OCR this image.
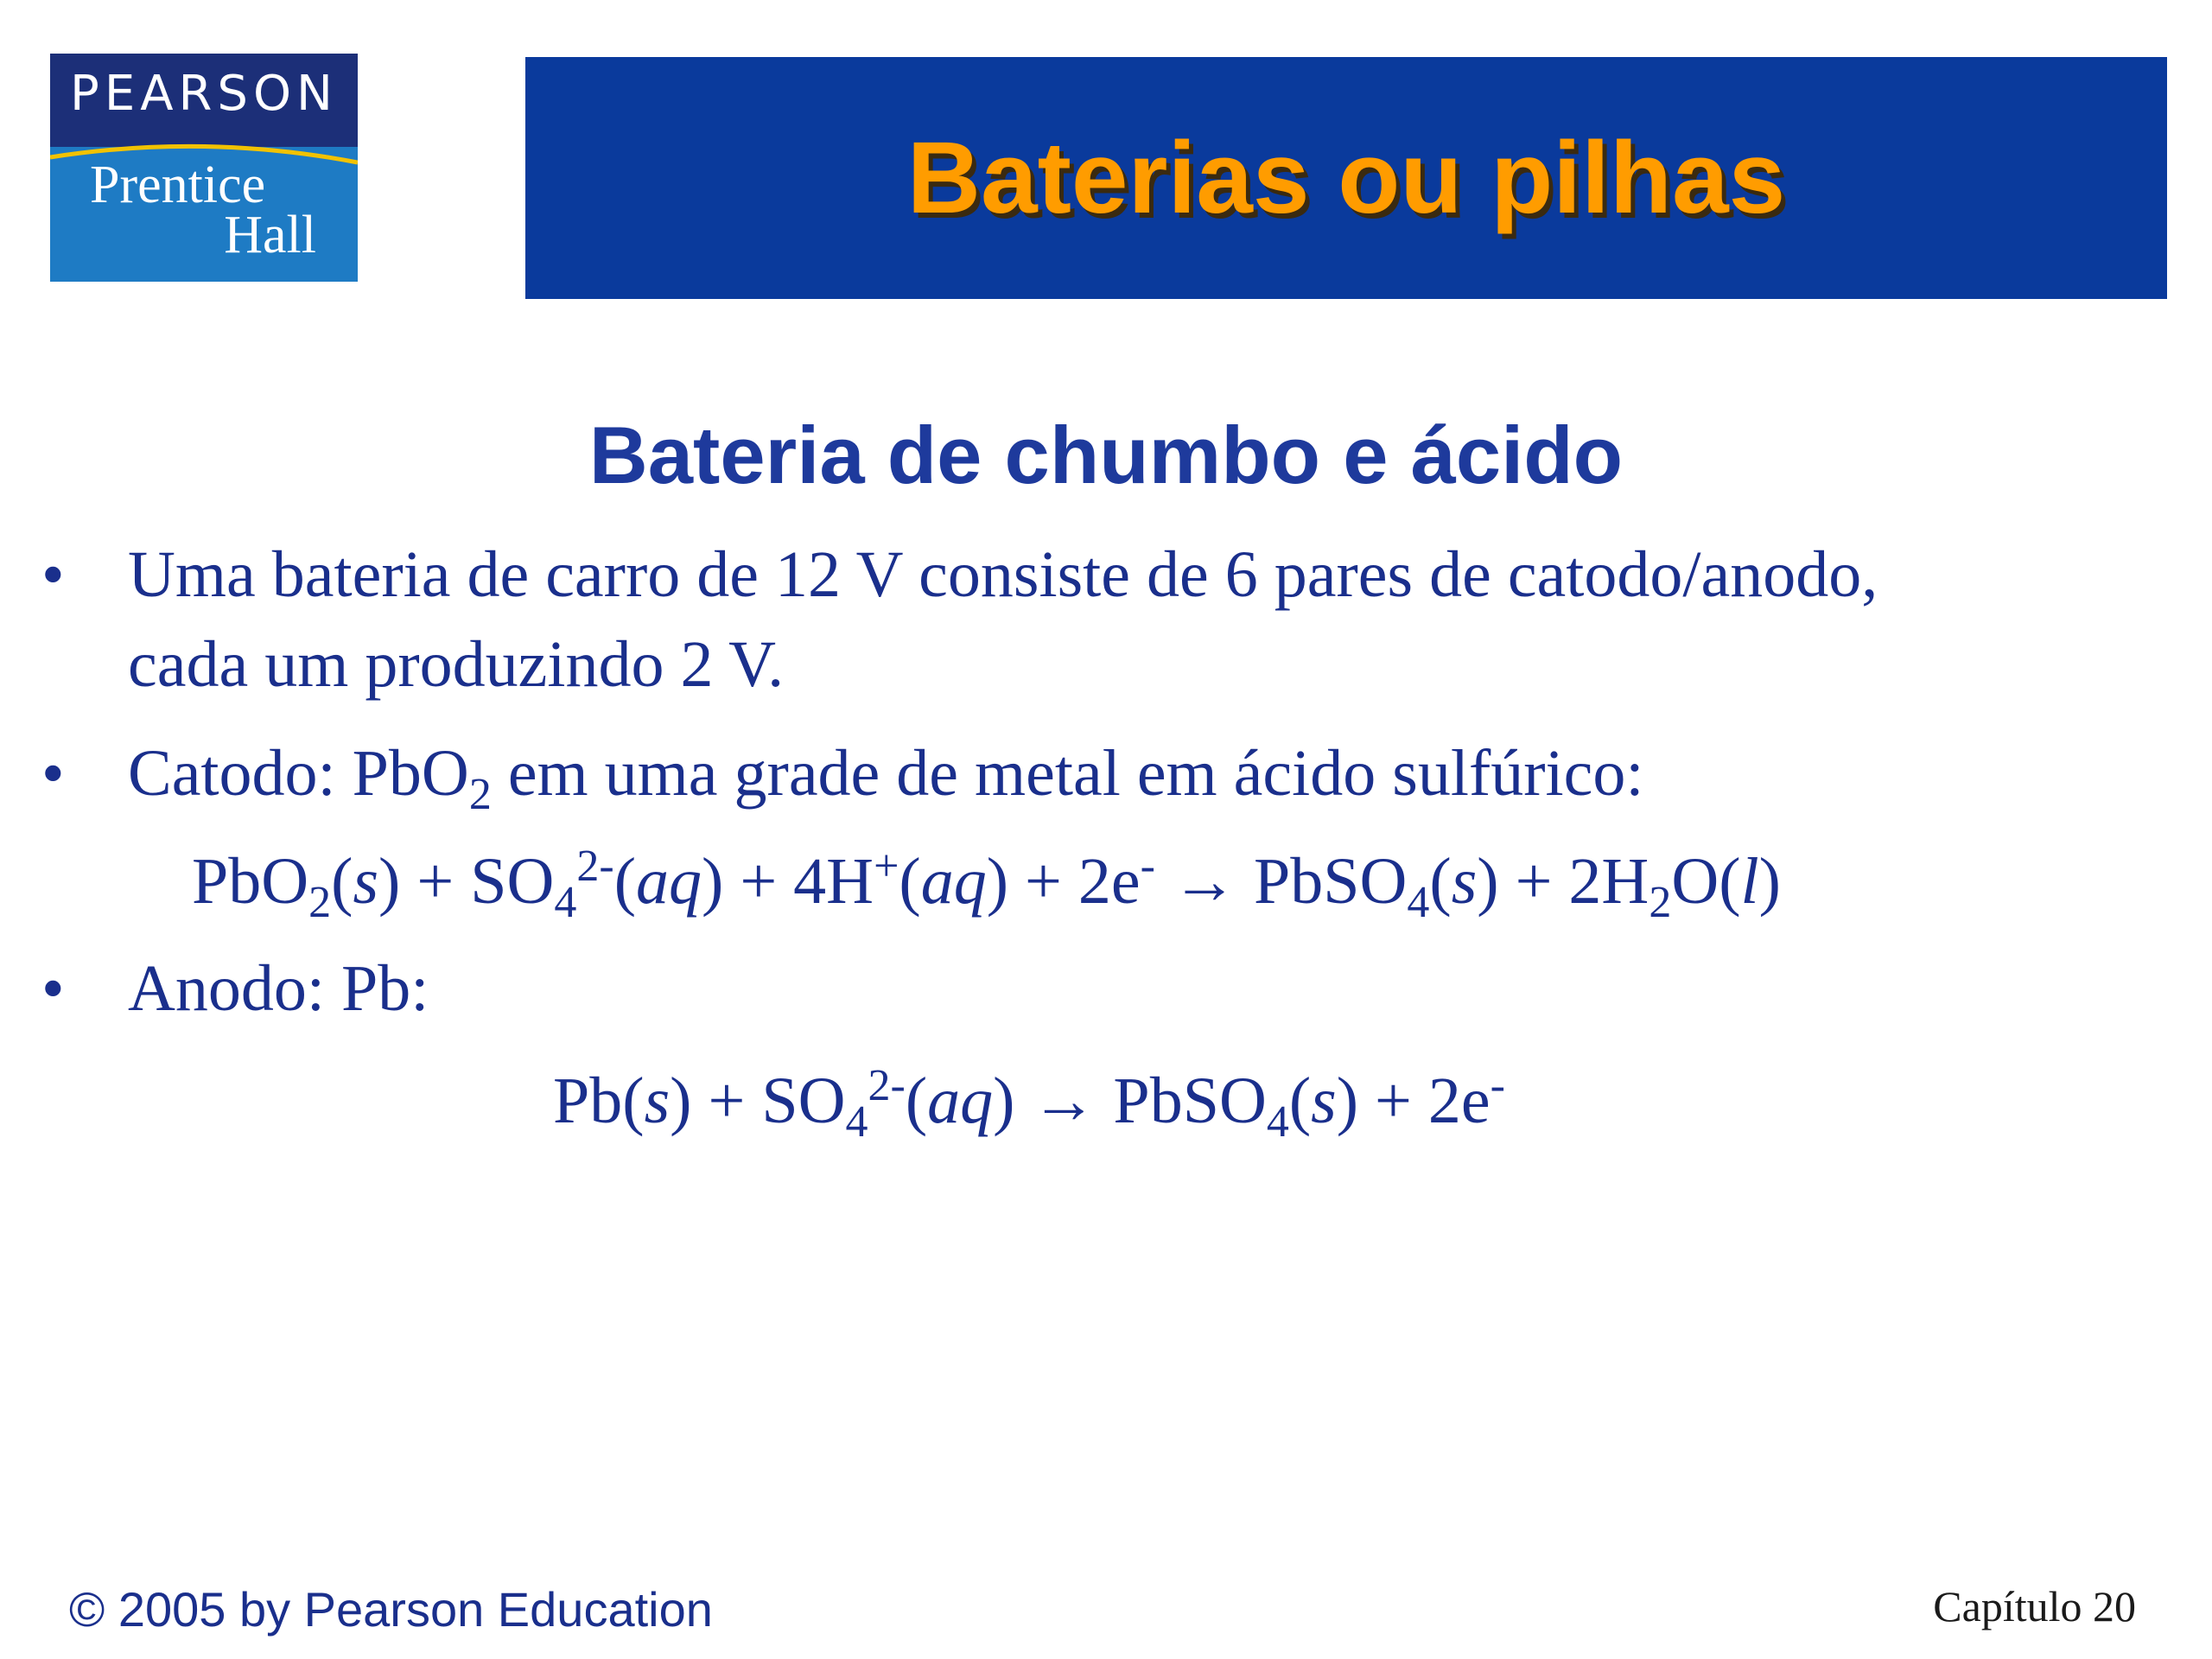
PEARSON
Prentice
Hall	Baterias ou pilhas
Bateria de chumbo e ácido
• Uma bateria de carro de 12 V consiste de 6 pares de catodo/anodo,
cada um produzindo 2 V.
• Catodo: PbO$_2$ em uma grade de metal em ácido sulfúrico:
$PbO_2(s) + SO_4^{2-}(aq) + 4H^+(aq) + 2e^-$ → PbSO$_4$(s) + $2H_2O(l)$
• Anodo: Pb:
$Pb(s) + SO_4^{2-}(aq)$ → PbSO$_4$(s) + 2e-
© 2005 by Pearson Education	Capítulo 20
